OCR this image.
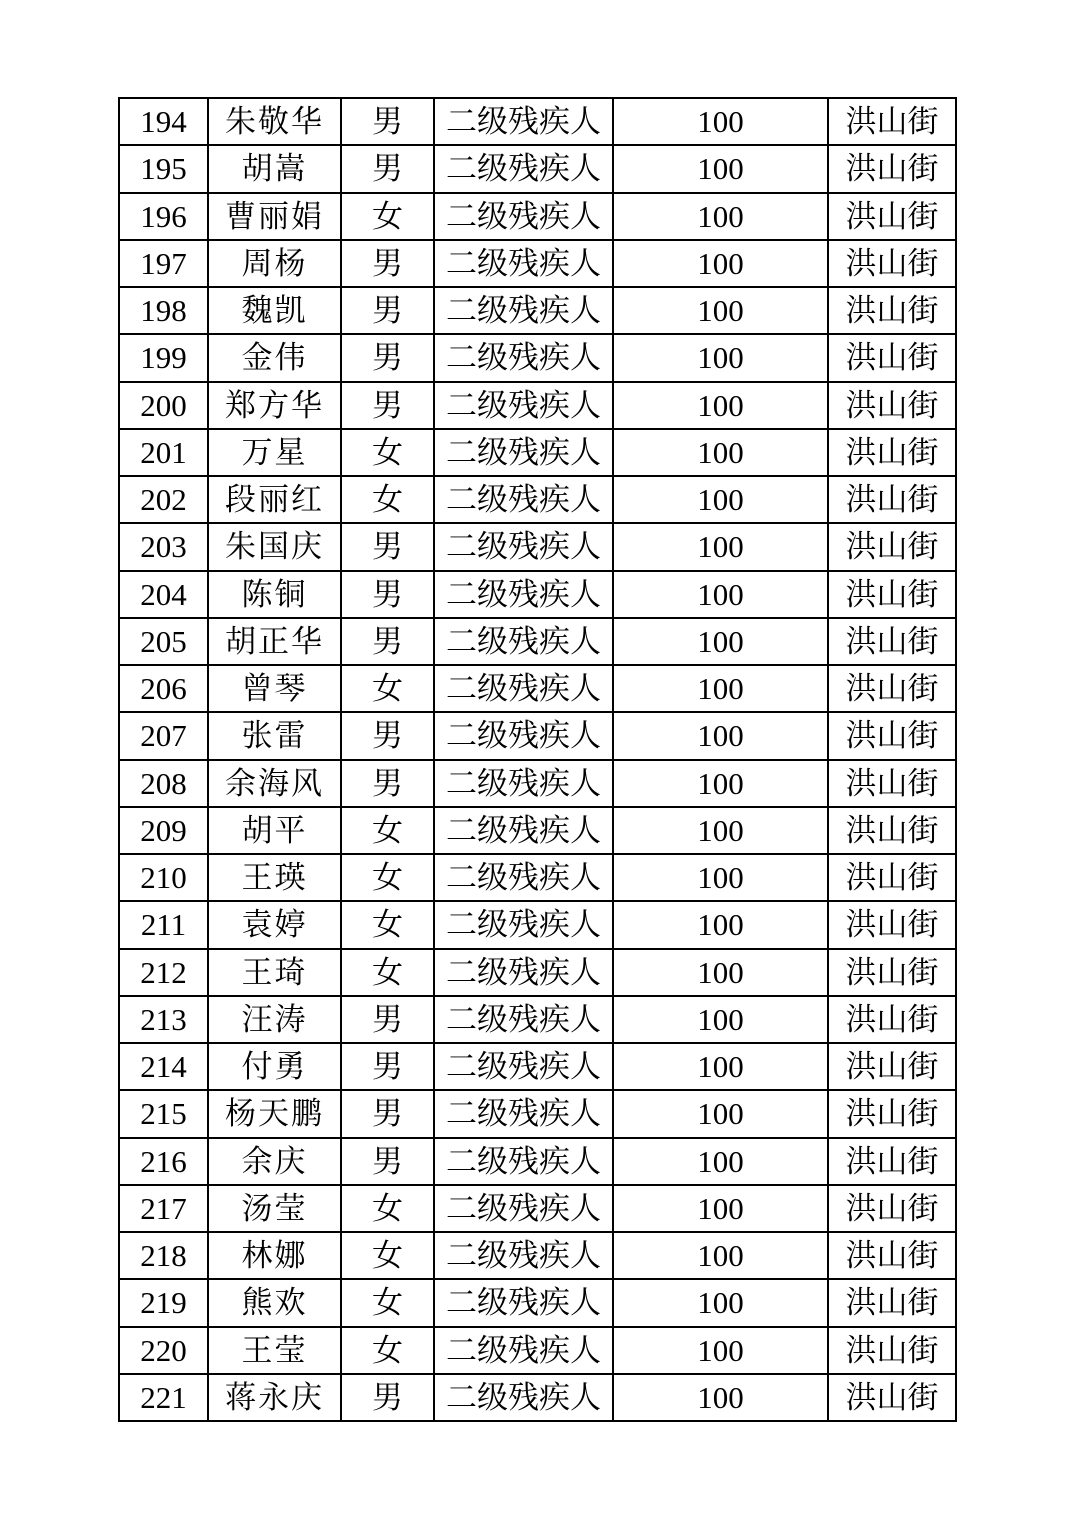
194	朱敬华	男	二级残疾人	100	洪山街
195	胡嵩	男	二级残疾人	100	洪山街
196	曹丽娟	女	二级残疾人	100	洪山街
197	周杨	男	二级残疾人	100	洪山街
198	魏凯	男	二级残疾人	100	洪山街
199	金伟	男	二级残疾人	100	洪山街
200	郑方华	男	二级残疾人	100	洪山街
201	万星	女	二级残疾人	100	洪山街
202	段丽红	女	二级残疾人	100	洪山街
203	朱国庆	男	二级残疾人	100	洪山街
204	陈铜	男	二级残疾人	100	洪山街
205	胡正华	男	二级残疾人	100	洪山街
206	曾琴	女	二级残疾人	100	洪山街
207	张雷	男	二级残疾人	100	洪山街
208	余海风	男	二级残疾人	100	洪山街
209	胡平	女	二级残疾人	100	洪山街
210	王瑛	女	二级残疾人	100	洪山街
211	袁婷	女	二级残疾人	100	洪山街
212	王琦	女	二级残疾人	100	洪山街
213	汪涛	男	二级残疾人	100	洪山街
214	付勇	男	二级残疾人	100	洪山街
215	杨天鹏	男	二级残疾人	100	洪山街
216	余庆	男	二级残疾人	100	洪山街
217	汤莹	女	二级残疾人	100	洪山街
218	林娜	女	二级残疾人	100	洪山街
219	熊欢	女	二级残疾人	100	洪山街
220	王莹	女	二级残疾人	100	洪山街
221	蒋永庆	男	二级残疾人	100	洪山街
